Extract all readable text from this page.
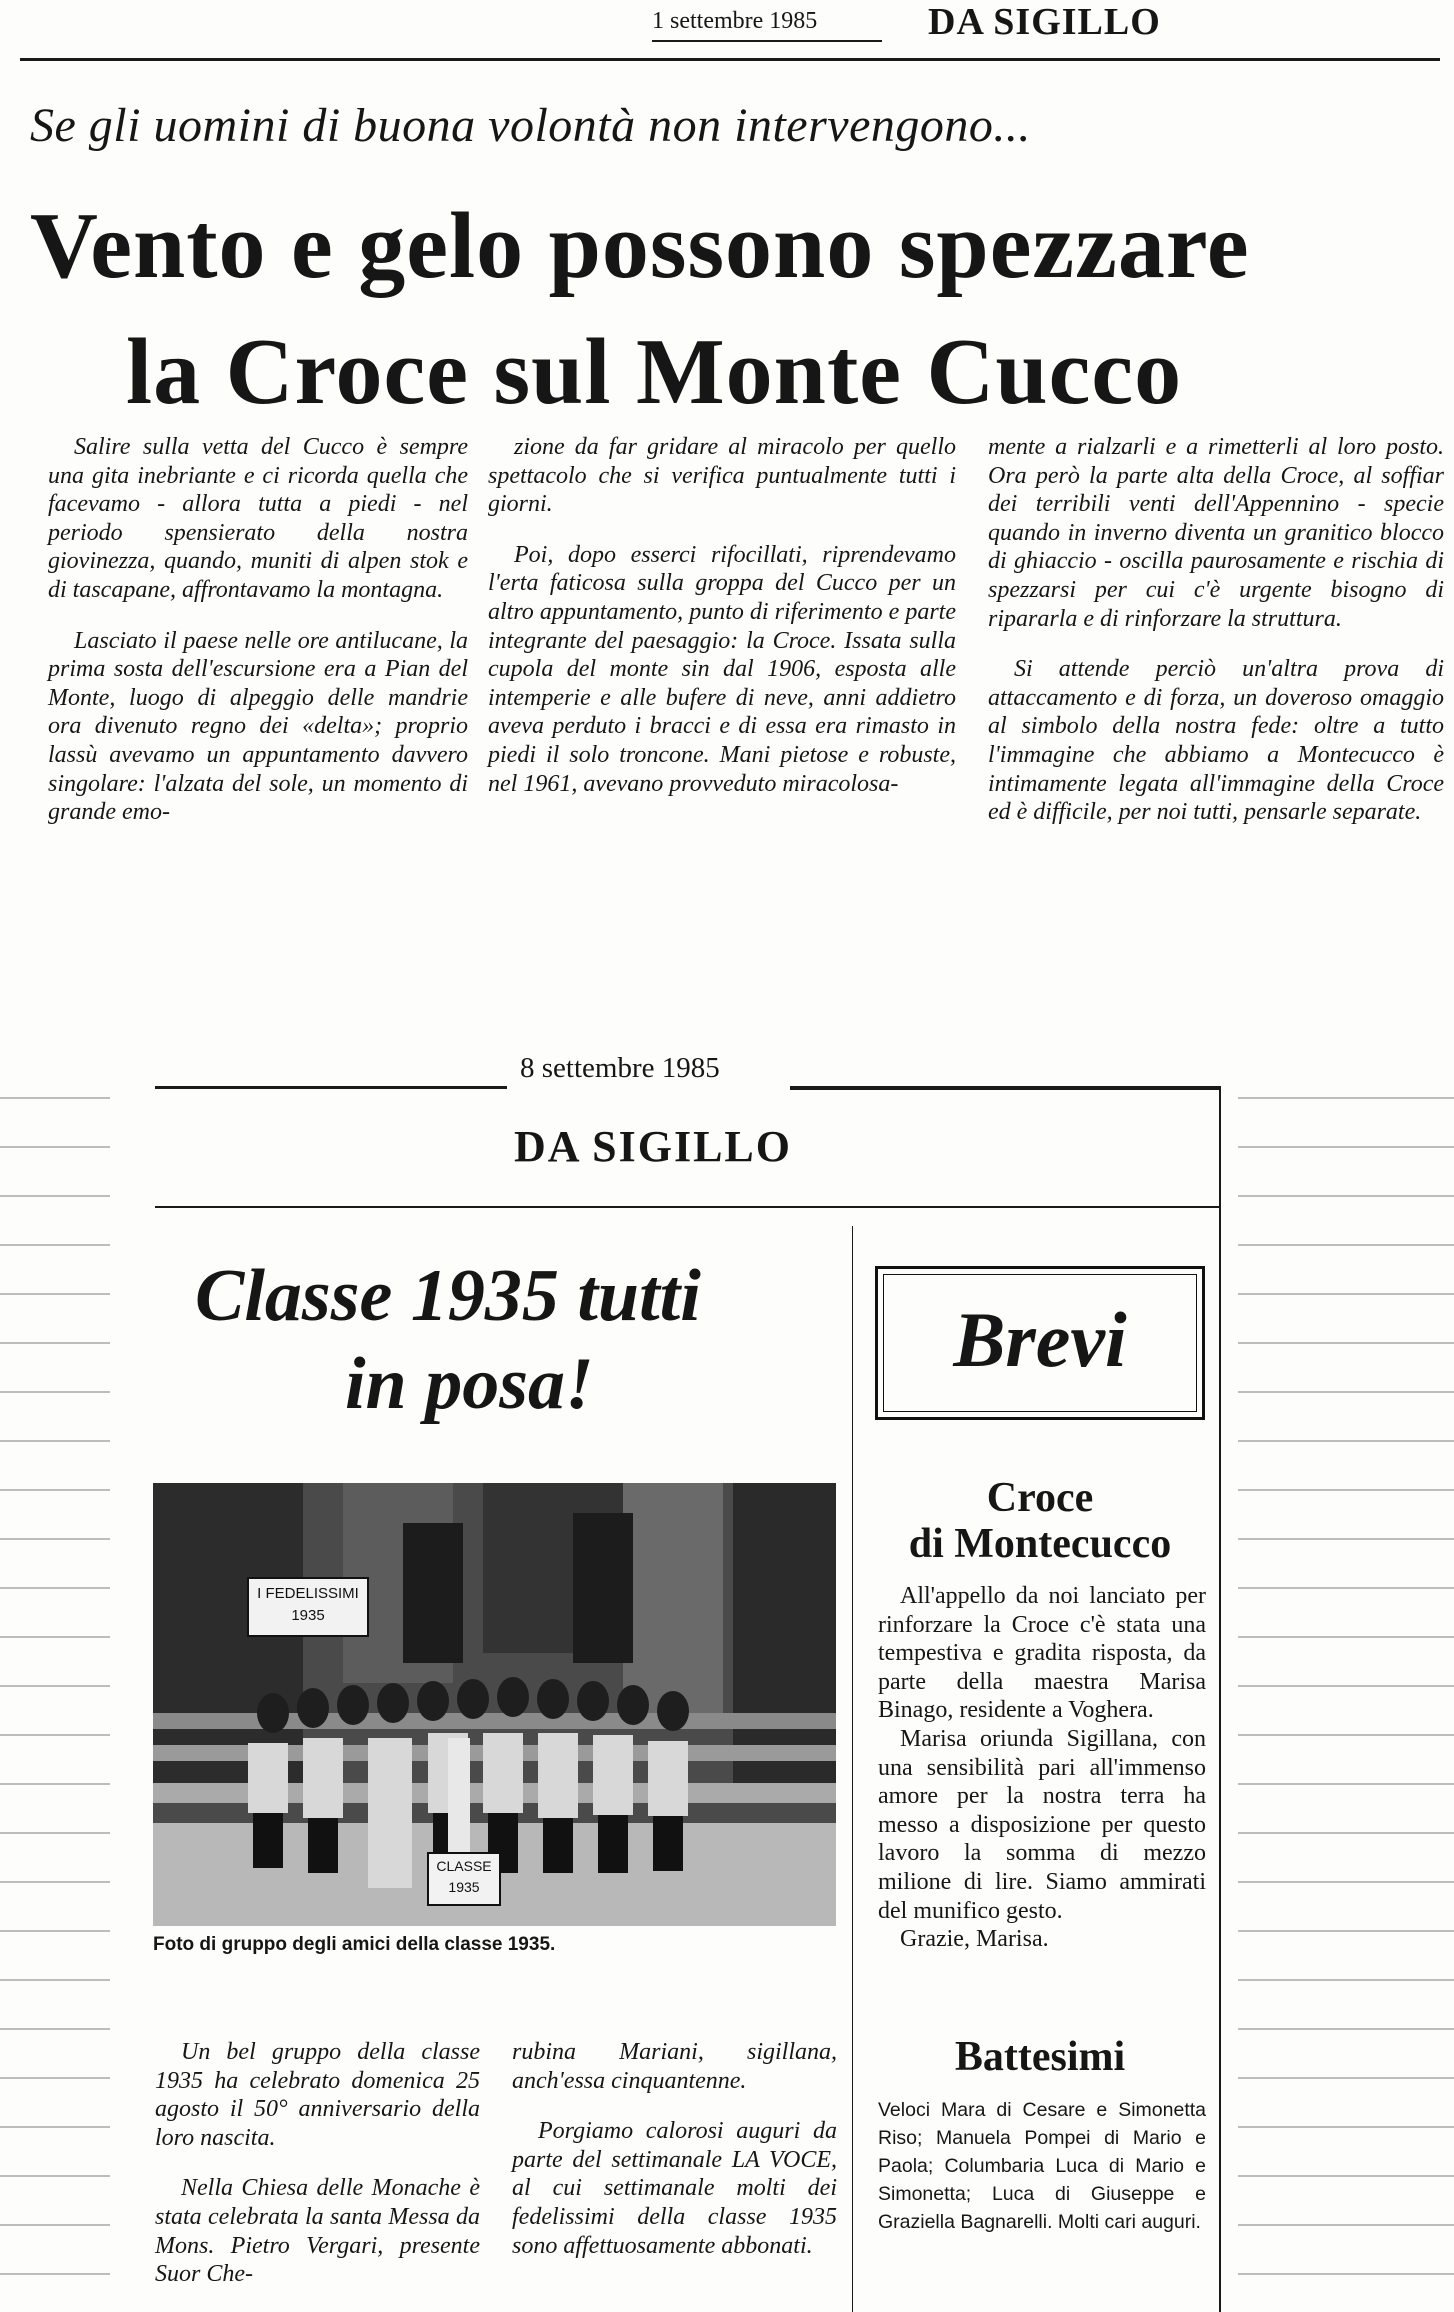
1 settembre 1985	DA SIGILLO
Se gli uomini di buona volontà non intervengono...
Vento e gelo possono spezzare
la Croce sul Monte Cucco

Salire sulla vetta del Cucco è sempre una gita inebriante e ci ricorda quella che facevamo - allora tutta a piedi - nel periodo spensierato della nostra giovinezza, quando, muniti di alpen stok e di tascapane, affrontavamo la montagna.

Lasciato il paese nelle ore antilucane, la prima sosta dell'escursione era a Pian del Monte, luogo di alpeggio delle mandrie ora divenuto regno dei «delta»; proprio lassù avevamo un appuntamento davvero singolare: l'alzata del sole, un momento di grande emo-

zione da far gridare al miracolo per quello spettacolo che si verifica puntualmente tutti i giorni.

Poi, dopo esserci rifocillati, riprendevamo l'erta faticosa sulla groppa del Cucco per un altro appuntamento, punto di riferimento e parte integrante del paesaggio: la Croce. Issata sulla cupola del monte sin dal 1906, esposta alle intemperie e alle bufere di neve, anni addietro aveva perduto i bracci e di essa era rimasto in piedi il solo troncone. Mani pietose e robuste, nel 1961, avevano provveduto miracolosa-

mente a rialzarli e a rimetterli al loro posto. Ora però la parte alta della Croce, al soffiar dei terribili venti dell'Appennino - specie quando in inverno diventa un granitico blocco di ghiaccio - oscilla paurosamente e rischia di spezzarsi per cui c'è urgente bisogno di ripararla e di rinforzare la struttura.

Si attende perciò un'altra prova di attaccamento e di forza, un doveroso omaggio al simbolo della nostra fede: oltre a tutto l'immagine che abbiamo a Montecucco è intimamente legata all'immagine della Croce ed è difficile, per noi tutti, pensarle separate.

8 settembre 1985
DA SIGILLO
Classe 1935 tutti
in posa!
I FEDELISSIMI 1935
CLASSE 1935
Foto di gruppo degli amici della classe 1935.

Un bel gruppo della classe 1935 ha celebrato domenica 25 agosto il 50° anniversario della loro nascita.

Nella Chiesa delle Monache è stata celebrata la santa Messa da Mons. Pietro Vergari, presente Suor Che-

rubina Mariani, sigillana, anch'essa cinquantenne.

Porgiamo calorosi auguri da parte del settimanale LA VOCE, al cui settimanale molti dei fedelissimi della classe 1935 sono affettuosamente abbonati.

Brevi
Croce
di Montecucco

All'appello da noi lanciato per rinforzare la Croce c'è stata una tempestiva e gradita risposta, da parte della maestra Marisa Binago, residente a Voghera.

Marisa oriunda Sigillana, con una sensibilità pari all'immenso amore per la nostra terra ha messo a disposizione per questo lavoro la somma di mezzo milione di lire. Siamo ammirati del munifico gesto.

Grazie, Marisa.

Battesimi
Veloci Mara di Cesare e Simonetta Riso; Manuela Pompei di Mario e Paola; Columbaria Luca di Mario e Simonetta; Luca di Giuseppe e Graziella Bagnarelli. Molti cari auguri.
